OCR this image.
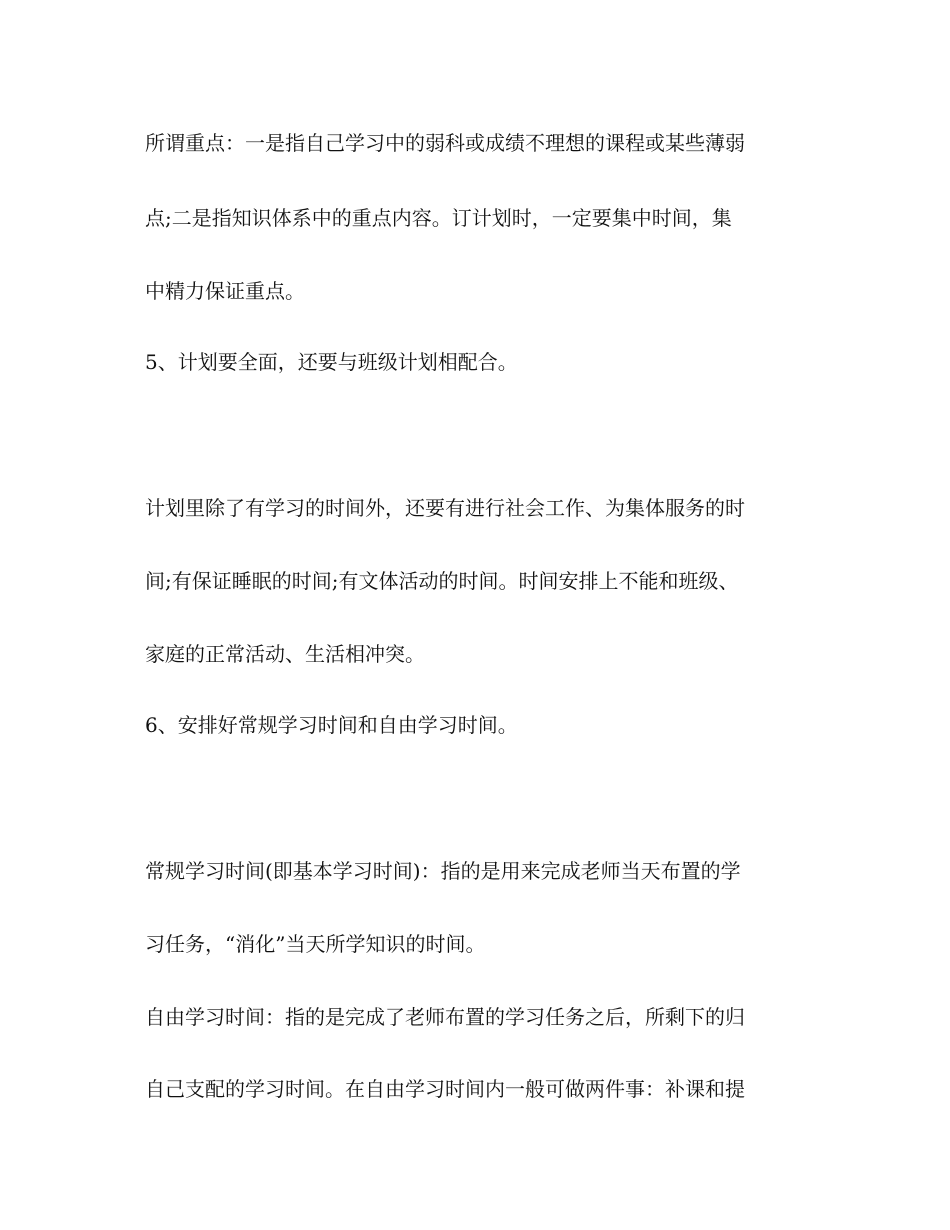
所谓重点：一是指自己学习中的弱科或成绩不理想的课程或某些薄弱
点;二是指知识体系中的重点内容。订计划时，一定要集中时间，集
中精力保证重点。
5、计划要全面，还要与班级计划相配合。
计划里除了有学习的时间外，还要有进行社会工作、为集体服务的时
间;有保证睡眠的时间;有文体活动的时间。时间安排上不能和班级、
家庭的正常活动、生活相冲突。
6、安排好常规学习时间和自由学习时间。
常规学习时间(即基本学习时间)：指的是用来完成老师当天布置的学
习任务，“消化”当天所学知识的时间。
自由学习时间：指的是完成了老师布置的学习任务之后，所剩下的归
自己支配的学习时间。在自由学习时间内一般可做两件事：补课和提
